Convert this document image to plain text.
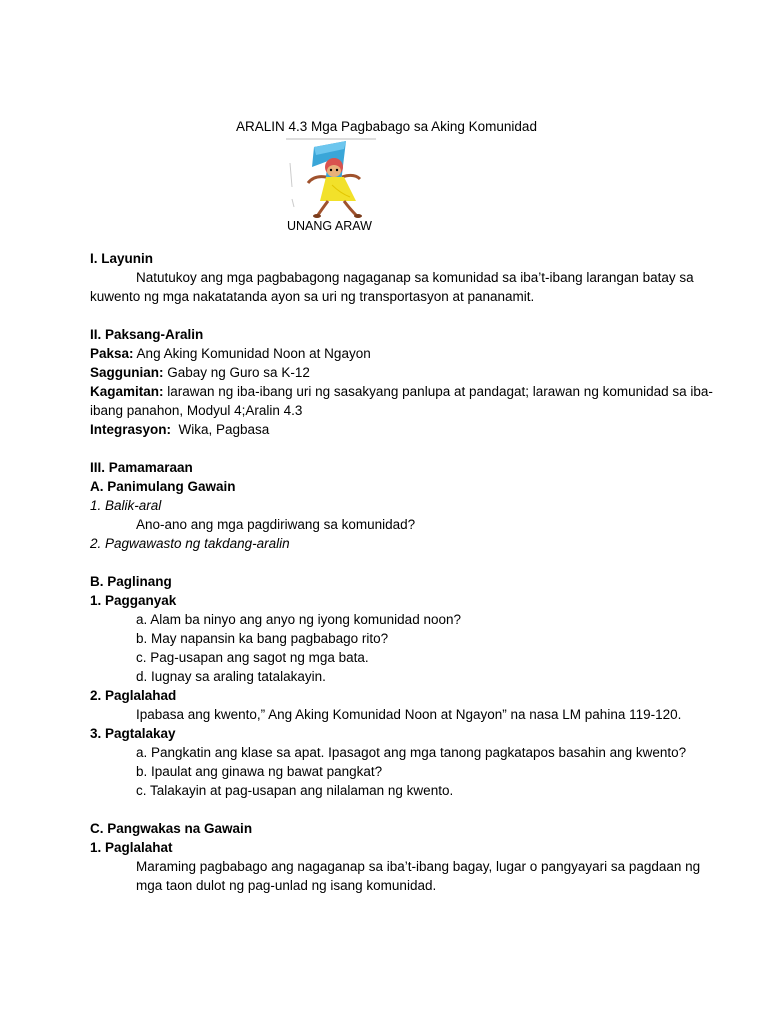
ARALIN 4.3 Mga Pagbabago sa Aking Komunidad
UNANG ARAW
I. Layunin
Natutukoy ang mga pagbabagong nagaganap sa komunidad sa iba’t-ibang larangan batay sa kuwento ng mga nakatatanda ayon sa uri ng transportasyon at pananamit.
II. Paksang-Aralin
Paksa: Ang Aking Komunidad Noon at Ngayon
Saggunian: Gabay ng Guro sa K-12
Kagamitan: larawan ng iba-ibang uri ng sasakyang panlupa at pandagat; larawan ng komunidad sa iba-ibang panahon, Modyul 4;Aralin 4.3
Integrasyon:  Wika, Pagbasa
III. Pamamaraan
A. Panimulang Gawain
1. Balik-aral
Ano-ano ang mga pagdiriwang sa komunidad?
2. Pagwawasto ng takdang-aralin
B. Paglinang
1. Pagganyak
a. Alam ba ninyo ang anyo ng iyong komunidad noon?
b. May napansin ka bang pagbabago rito?
c. Pag-usapan ang sagot ng mga bata.
d. Iugnay sa araling tatalakayin.
2. Paglalahad
Ipabasa ang kwento,” Ang Aking Komunidad Noon at Ngayon” na nasa LM pahina 119-120.
3. Pagtalakay
a. Pangkatin ang klase sa apat. Ipasagot ang mga tanong pagkatapos basahin ang kwento?
b. Ipaulat ang ginawa ng bawat pangkat?
c. Talakayin at pag-usapan ang nilalaman ng kwento.
C. Pangwakas na Gawain
1. Paglalahat
Maraming pagbabago ang nagaganap sa iba’t-ibang bagay, lugar o pangyayari sa pagdaan ng mga taon dulot ng pag-unlad ng isang komunidad.
